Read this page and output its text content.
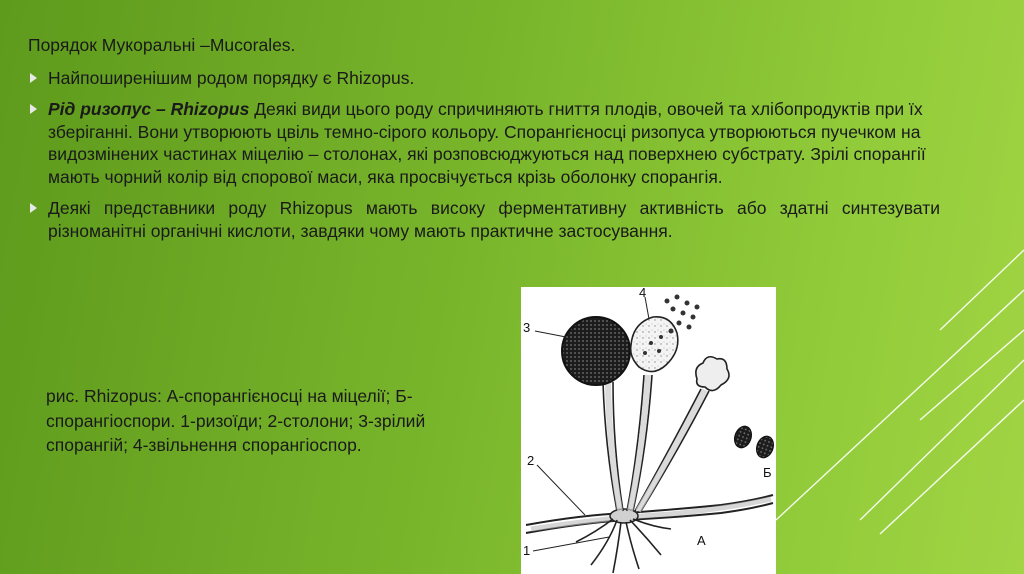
Порядок Мукоральні –Mucorales.

Найпоширенішим родом порядку є Rhizopus.
Рід ризопус – Rhizopus Деякі види цього роду спричиняють гниття плодів, овочей та хлібопродуктів при їх зберіганні. Вони утворюють цвіль темно-сірого кольору. Спорангієносці ризопуса утворюються пучечком на видозмінених частинах міцелію – столонах, які розповсюджуються над поверхнею субстрату. Зрілі спорангії мають чорний колір від спорової маси, яка просвічується крізь оболонку спорангія.
Деякі представники роду Rhizopus мають високу ферментативну активність або здатні синтезувати різноманітні органічні кислоти, завдяки чому мають практичне застосування.
рис. Rhizopus: А-спорангієносці на міцелії; Б-спорангіоспори. 1-ризоїди; 2-столони; 3-зрілий спорангій; 4-звільнення спорангіоспор.
3
2
1
4
А
Б
